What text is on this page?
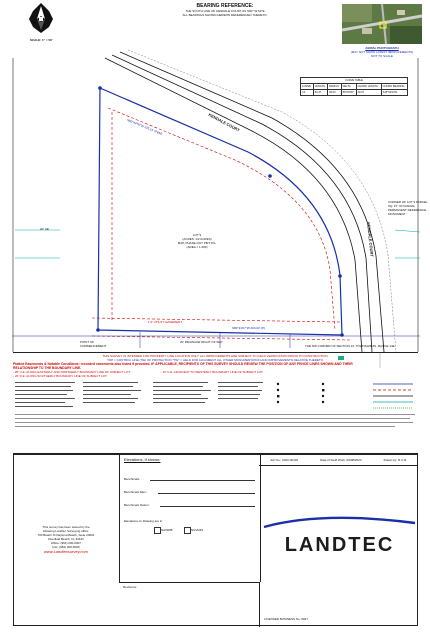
SCALE: 1" = 50'
BEARING REFERENCE:
THE SOUTH LINE OF KENDALE COURT AS S60° W 53°E
ALL BEARINGS SHOWN HEREON REFERENCED THERETO.
AERIAL PHOTOGRAPH
(MAY NOT SHOW LATEST IMPROVEMENTS)
NOT TO SCALE
CURVE TABLE					
CURVE	LENGTH	RADIUS	DELTA	CHORD LENGTH	CHORD BEARING
C1	54.37	35.00	89°00'00"	49.07	S15°54'00"E
N60°44'53"W 225.14' (P&M)	KENDALE COURT
KENDALE COURT
LOT 9
(ACRES: 1/2 ACRES)
MAP, PHASE-OUT PB 5 PG.
(AREA = 1.290)
1.0' UTILITY EASEMENT
S89°34'07"W 200.00' (P)
20' DRAINAGE RIGHT OF WAY
POINT OF COMMENCEMENT
20' UE
CORNER OF LOT 9 PARCEL SQ. FT. ON RADIAL PERMANENT REFERENCE MONUMENT
THE NW CORNER OF SECTION 16, TOWNSHIP 8S, RANGE 14E
THIS SURVEY IS INTENDED FOR PROPERTY LINE LOCATION ONLY. ALL IMPROVEMENTS ARE SUBJECT TO FIELD VERIFICATION PRIOR TO CONSTRUCTION.
TOP = CONTROL LINE (TIE) OF PROTECTION *TIE* = HELD FOR ALIGNMENT ALL OTHER MONUMENTATION AND IMPROVEMENTS RELATIVE THERETO.
Platted Easements & Notable Conditions: recorded easements also listed if provided. IF APPLICABLE, RECIPIENTS OF THIS SURVEY SHOULD REVIEW THE POSITION OF ANY FENCE LINES SHOWN AND THEIR
RELATIONSHIP TO THE BOUNDARY LINE.
- 20' U.E. ALONG EASTERLY AND NORTHERLY BOUNDARY LINE OF SUBJECT LOT.
- 20' D.E. ALONG SOUTHERLY BOUNDARY LINE OF SUBJECT LOT.
- 10' U.E. ADJACENT TO WESTERLY BOUNDARY LINE OF SUBJECT LOT.
This survey has been issued by the
following Landtec Surveying office:
700 Beach St Daytona Beach, Suite 24001
Deerfield Beach, FL 33441
Office: (954) 000-0007
Fax: (954) 000-0000
www.Landtecsurvey.com
Elevations, if shown:
Benchmark:
Benchmark Elev.:
Benchmark Datum:
Elevations on Drawing are in:
NAVD88	NGVD29
Revisions:
Job No.: 2023-00432	Date of Field Work: 09/08/2023	Drawn by: R.C.R.
LANDTEC
LICENSED BUSINESS No. 6927
